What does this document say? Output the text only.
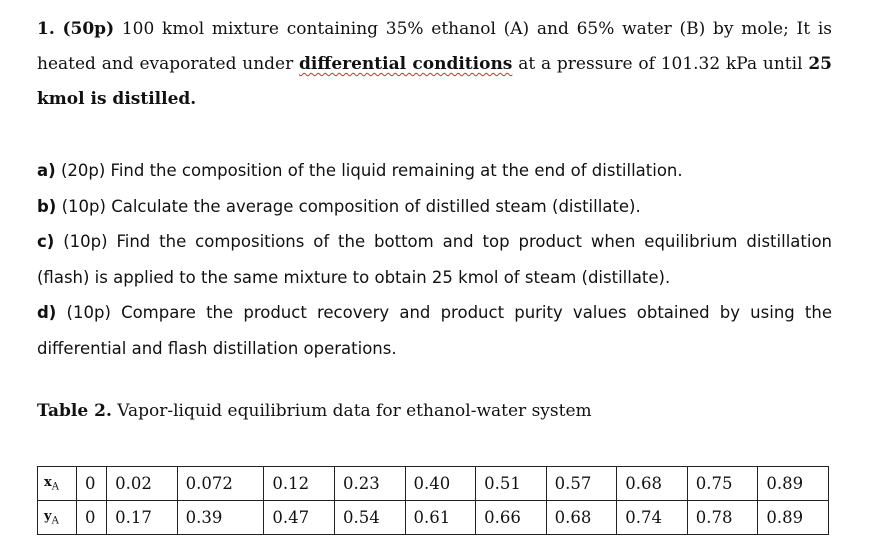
1. (50p) 100 kmol mixture containing 35% ethanol (A) and 65% water (B) by mole; It is heated and evaporated under differential conditions at a pressure of 101.32 kPa until 25 kmol is distilled.
a) (20p) Find the composition of the liquid remaining at the end of distillation.
b) (10p) Calculate the average composition of distilled steam (distillate).
c) (10p) Find the compositions of the bottom and top product when equilibrium distillation (flash) is applied to the same mixture to obtain 25 kmol of steam (distillate).
d) (10p) Compare the product recovery and product purity values obtained by using the differential and flash distillation operations.
Table 2. Vapor-liquid equilibrium data for ethanol-water system
$x_A$	0	0.02	0.072	0.12	0.23	0.40	0.51	0.57	0.68	0.75	0.89
$y_A$	0	0.17	0.39	0.47	0.54	0.61	0.66	0.68	0.74	0.78	0.89
